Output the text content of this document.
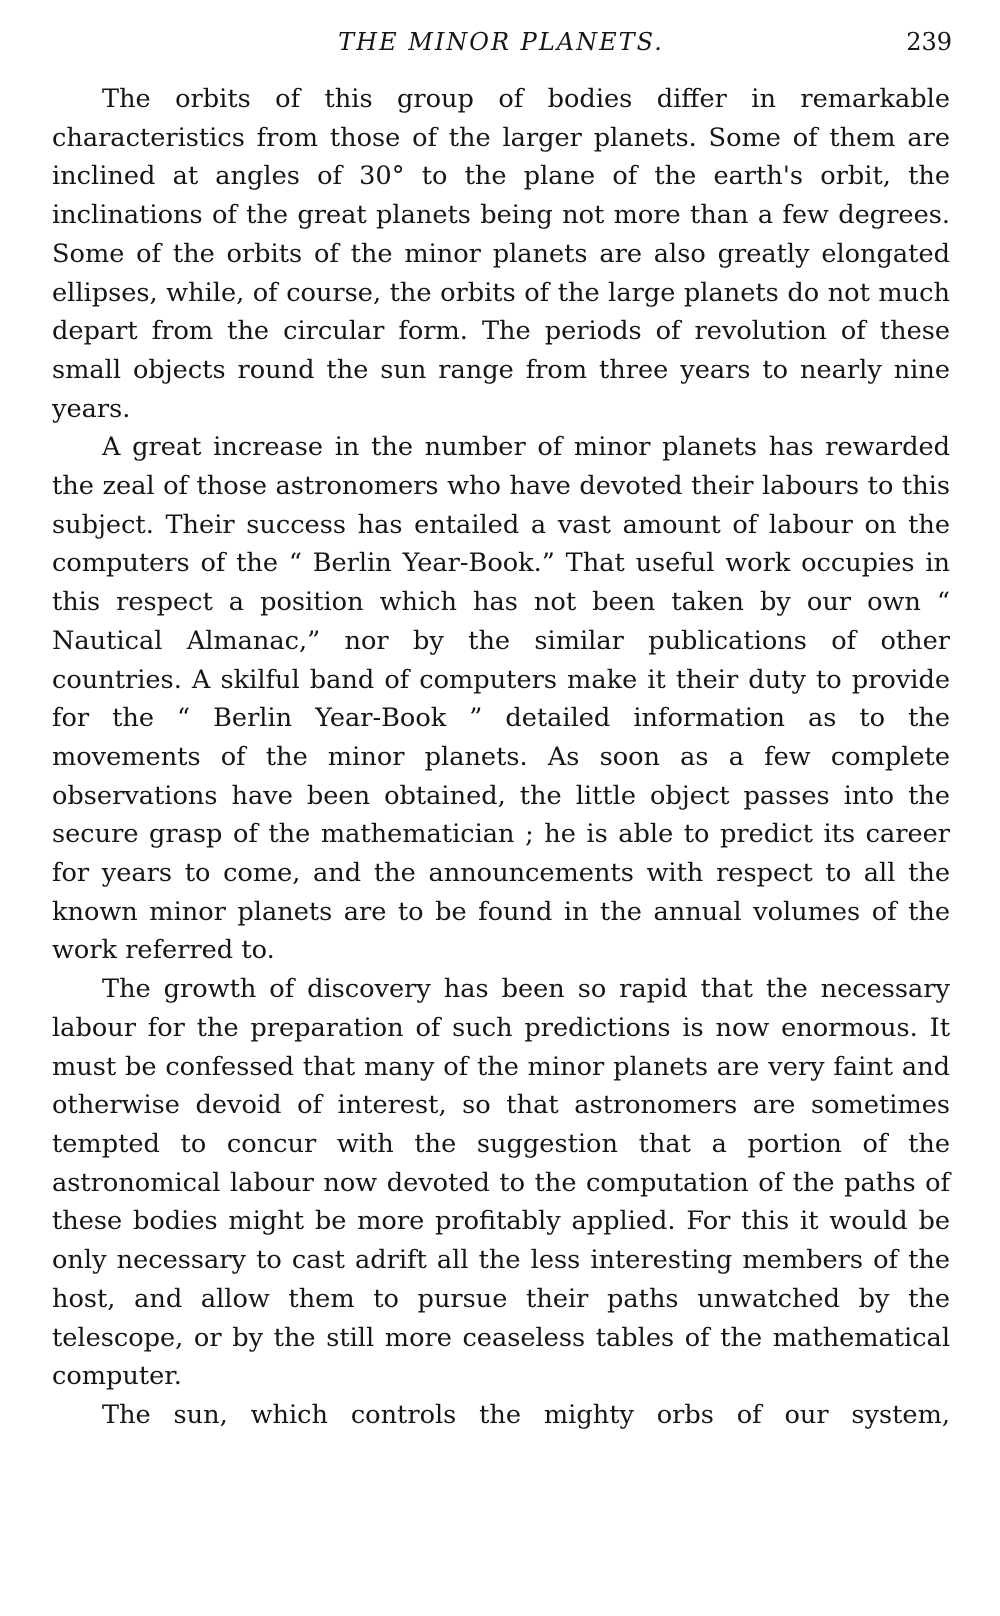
THE MINOR PLANETS.	239

The orbits of this group of bodies differ in remarkable characteristics from those of the larger planets. Some of them are inclined at angles of 30° to the plane of the earth's orbit, the inclinations of the great planets being not more than a few degrees. Some of the orbits of the minor planets are also greatly elongated ellipses, while, of course, the orbits of the large planets do not much depart from the circular form. The periods of revolution of these small objects round the sun range from three years to nearly nine years.

A great increase in the number of minor planets has rewarded the zeal of those astronomers who have devoted their labours to this subject. Their success has entailed a vast amount of labour on the computers of the “ Berlin Year-Book.” That useful work occupies in this respect a position which has not been taken by our own “ Nautical Almanac,” nor by the similar publications of other countries. A skilful band of computers make it their duty to provide for the “ Berlin Year-Book ” detailed information as to the movements of the minor planets. As soon as a few complete observations have been obtained, the little object passes into the secure grasp of the mathematician ; he is able to predict its career for years to come, and the announcements with respect to all the known minor planets are to be found in the annual volumes of the work referred to.

The growth of discovery has been so rapid that the necessary labour for the preparation of such predictions is now enormous. It must be confessed that many of the minor planets are very faint and otherwise devoid of interest, so that astronomers are sometimes tempted to concur with the suggestion that a portion of the astronomical labour now devoted to the computation of the paths of these bodies might be more profitably applied. For this it would be only necessary to cast adrift all the less interesting members of the host, and allow them to pursue their paths unwatched by the telescope, or by the still more ceaseless tables of the mathematical computer.

The sun, which controls the mighty orbs of our system,
